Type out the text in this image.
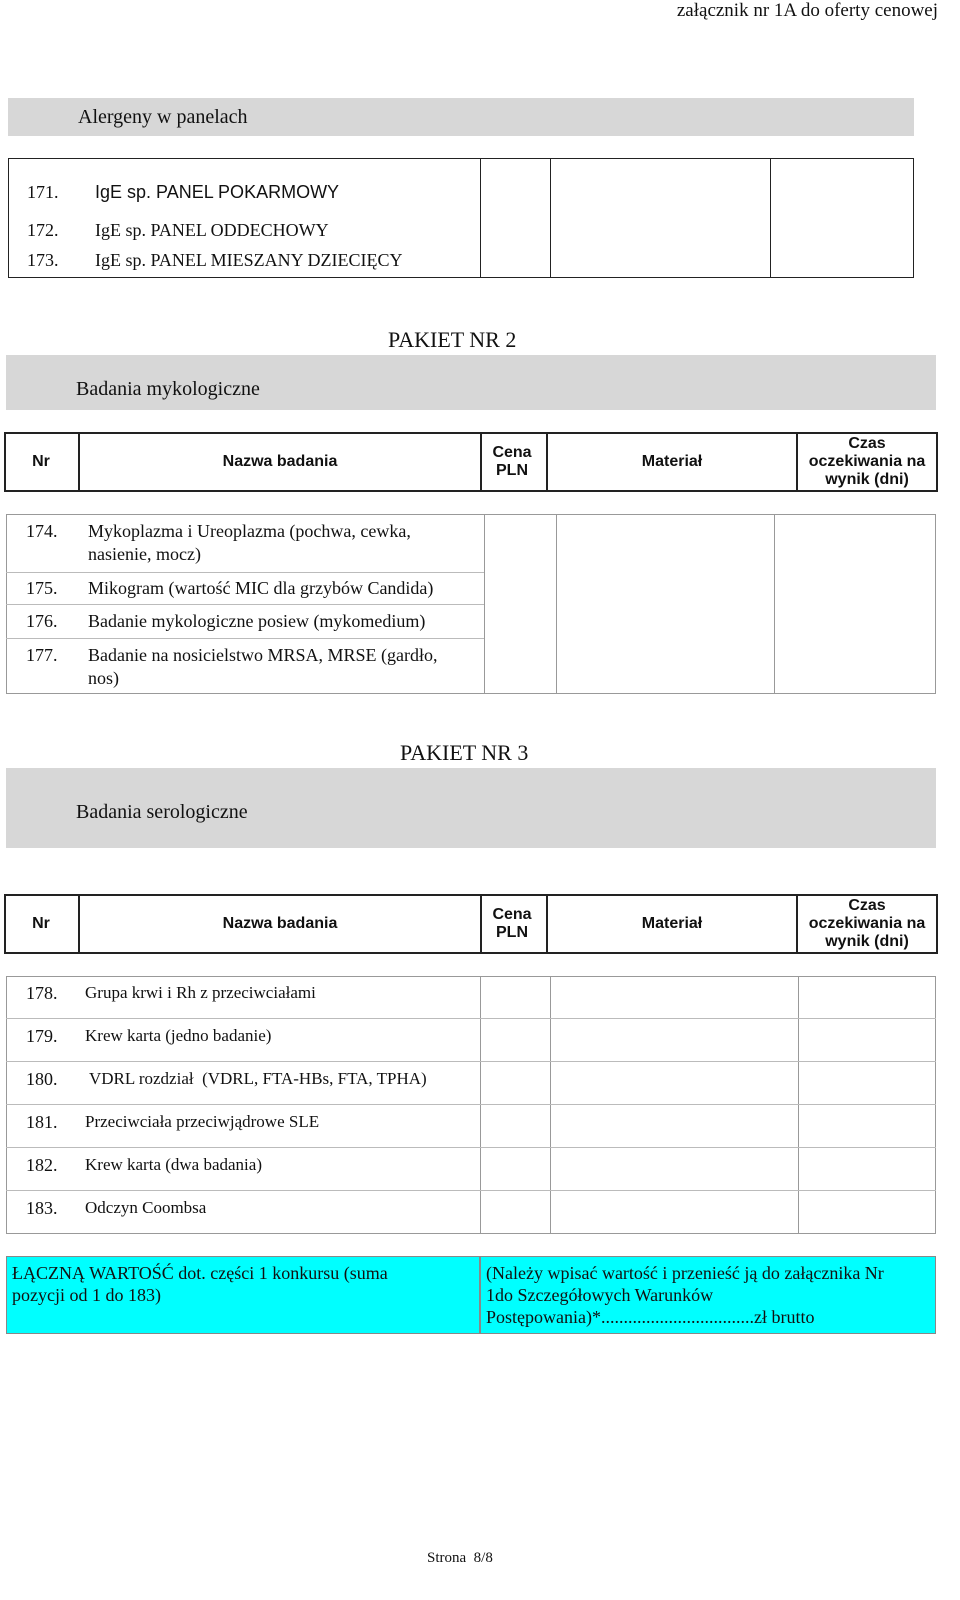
załącznik nr 1A do oferty cenowej
Alergeny w panelach
171. IgE sp. PANEL POKARMOWY
172. IgE sp. PANEL ODDECHOWY
173. IgE sp. PANEL MIESZANY DZIECIĘCY
PAKIET NR 2
Badania mykologiczne
Nr	Nazwa badania
Cena PLN
Materiał
Czas oczekiwania na wynik (dni)
174. Mykoplazma i Ureoplazma (pochwa, cewka,
nasienie, mocz)
175. Mikogram (wartość MIC dla grzybów Candida)
176. Badanie mykologiczne posiew (mykomedium)
177. Badanie na nosicielstwo MRSA, MRSE (gardło,
nos)
PAKIET NR 3
Badania serologiczne
Nr	Nazwa badania
Cena PLN
Materiał
Czas oczekiwania na wynik (dni)
178. Grupa krwi i Rh z przeciwciałami
179. Krew karta (jedno badanie)
180. VDRL rozdział  (VDRL, FTA-HBs, FTA, TPHA)
181. Przeciwciała przeciwjądrowe SLE
182. Krew karta (dwa badania)
183. Odczyn Coombsa
ŁĄCZNĄ WARTOŚĆ dot. części 1 konkursu (suma
pozycji od 1 do 183)
(Należy wpisać wartość i przenieść ją do załącznika Nr
1do Szczegółowych Warunków
Postępowania)*..................................zł brutto
Strona  8/8
